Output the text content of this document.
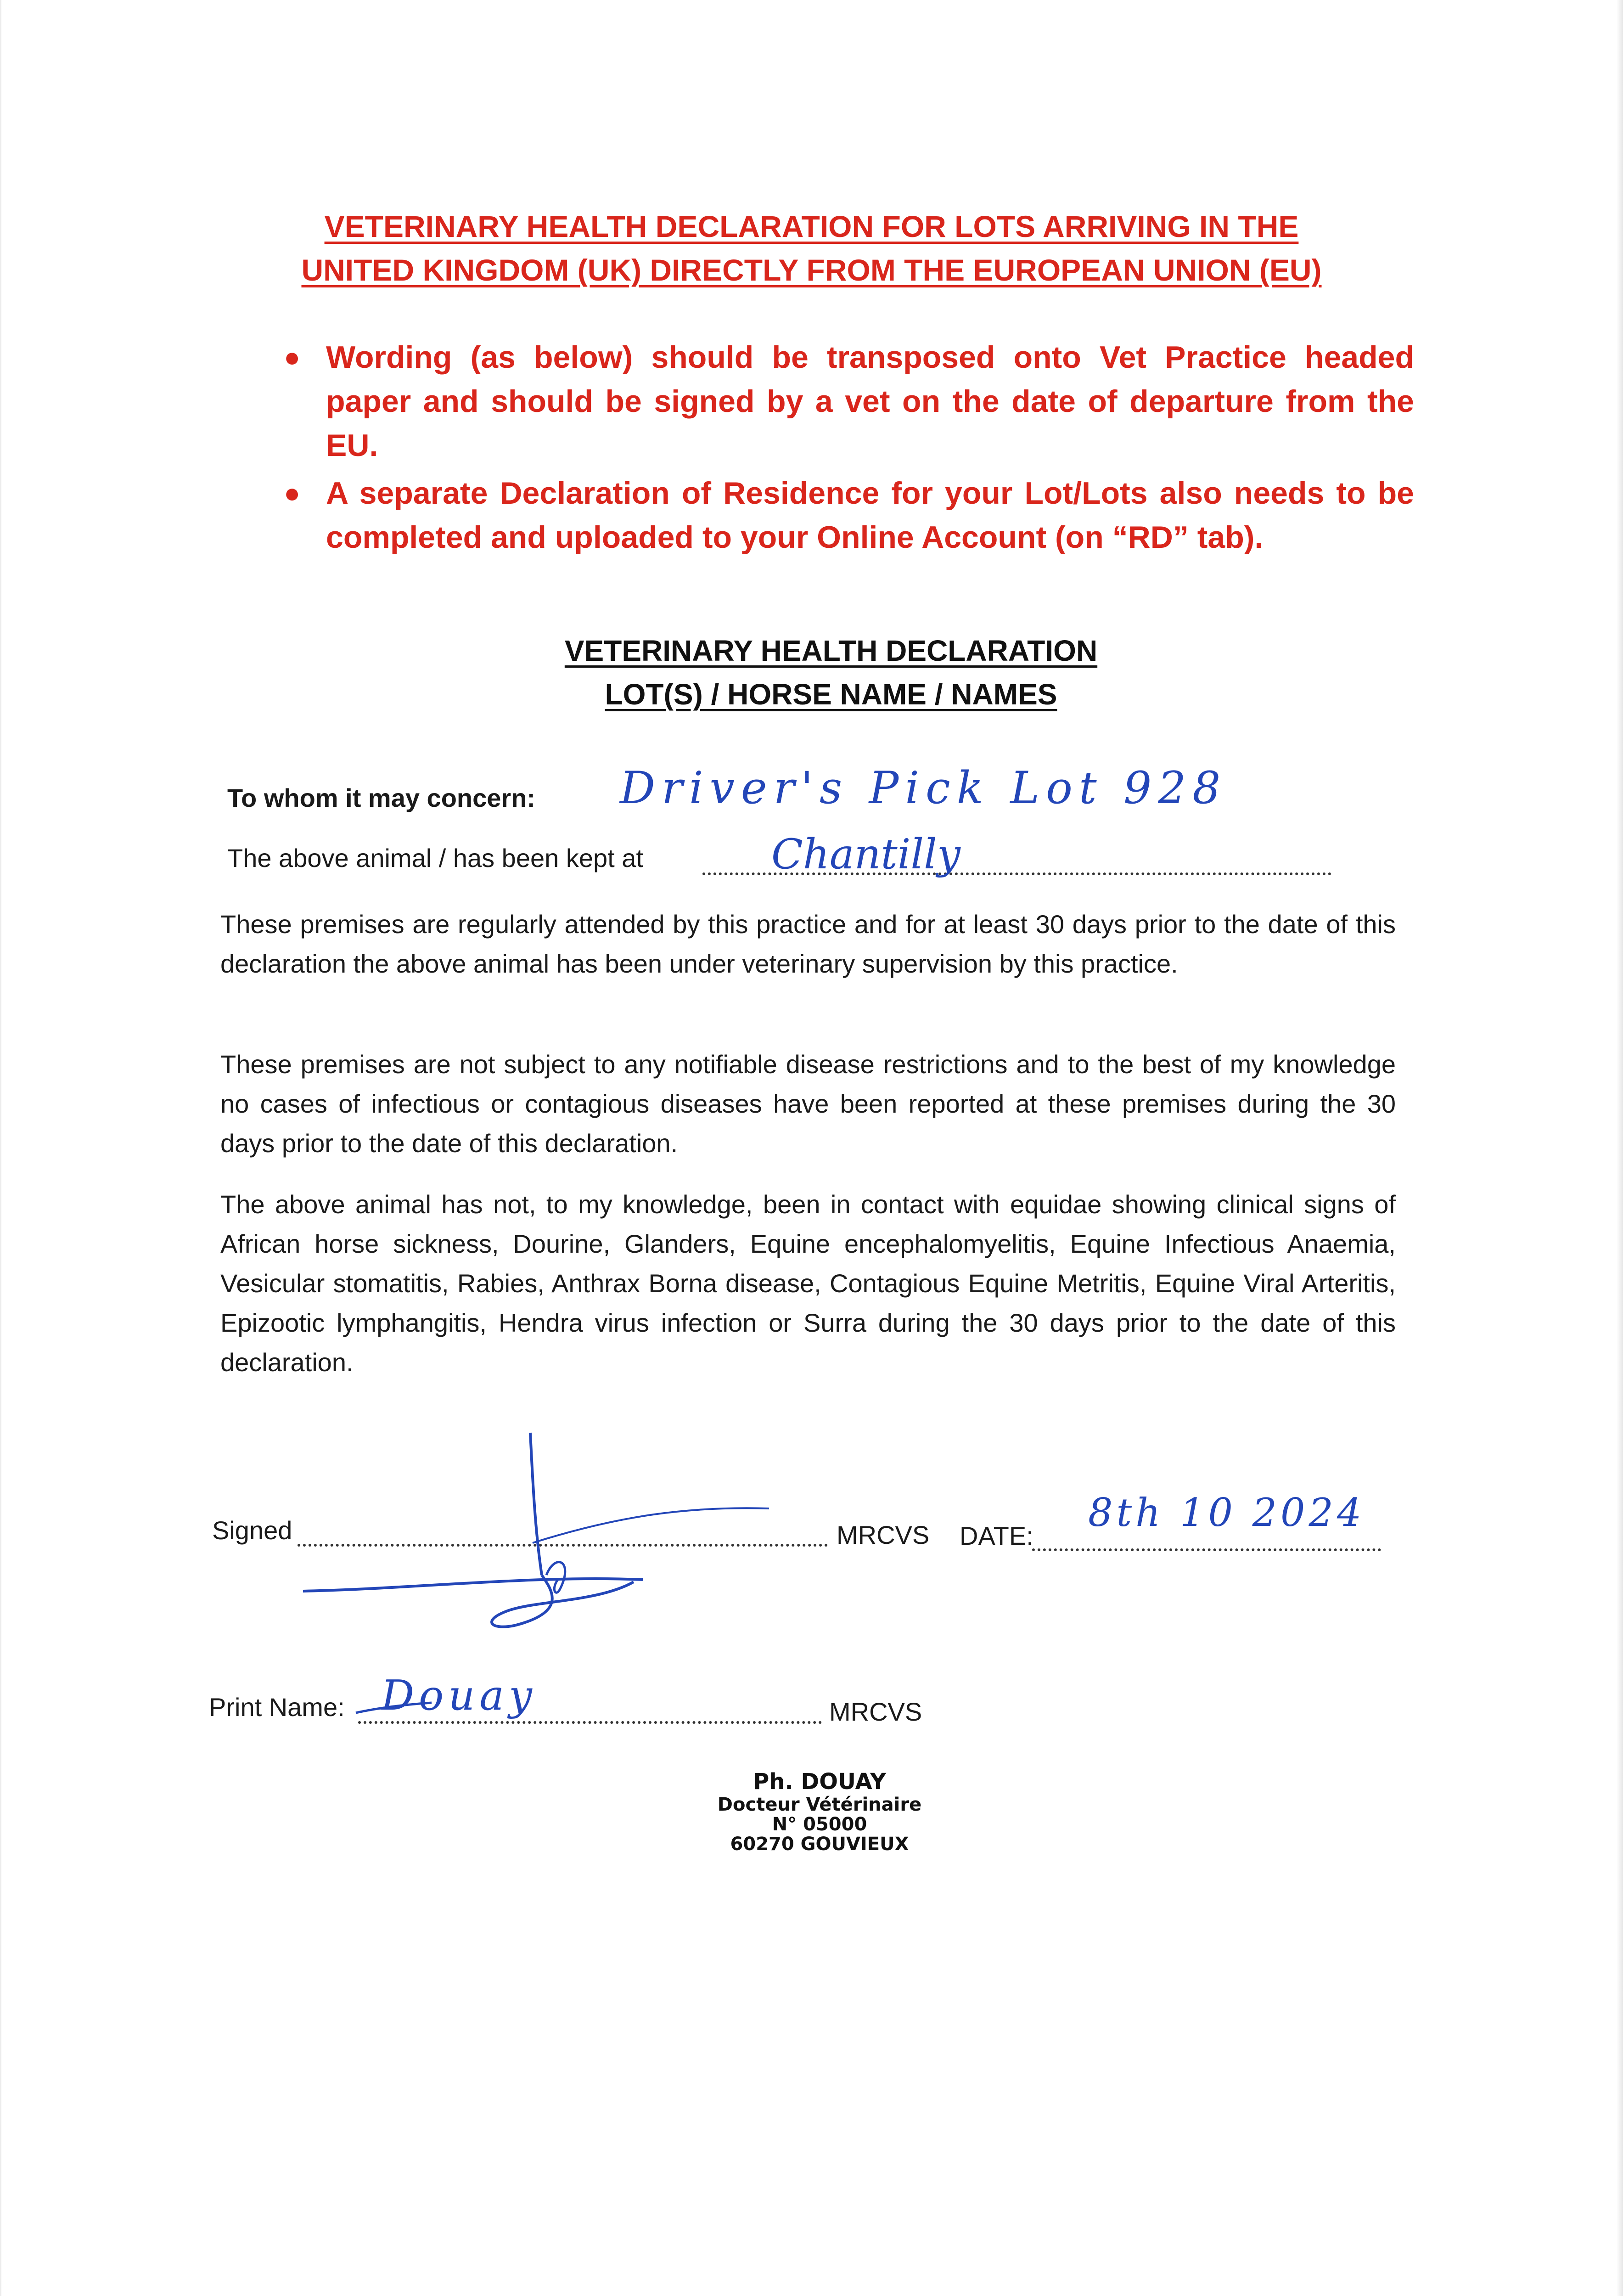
VETERINARY HEALTH DECLARATION FOR LOTS ARRIVING IN THE
UNITED KINGDOM (UK) DIRECTLY FROM THE EUROPEAN UNION (EU)
● Wording (as below) should be transposed onto Vet Practice headed paper and should be signed by a vet on the date of departure from the EU.
● A separate Declaration of Residence for your Lot/Lots also needs to be completed and uploaded to your Online Account (on “RD” tab).
VETERINARY HEALTH DECLARATION
LOT(S) / HORSE NAME / NAMES
To whom it may concern: Driver's Pick Lot 928
The above animal / has been kept at	Chantilly
These premises are regularly attended by this practice and for at least 30 days prior to the date of this declaration the above animal has been under veterinary supervision by this practice.
These premises are not subject to any notifiable disease restrictions and to the best of my knowledge no cases of infectious or contagious diseases have been reported at these premises during the 30 days prior to the date of this declaration.
The above animal has not, to my knowledge, been in contact with equidae showing clinical signs of African horse sickness, Dourine, Glanders, Equine encephalomyelitis, Equine Infectious Anaemia, Vesicular stomatitis, Rabies, Anthrax Borna disease, Contagious Equine Metritis, Equine Viral Arteritis, Epizootic lymphangitis, Hendra virus infection or Surra during the 30 days prior to the date of this declaration.
Signed	MRCVS DATE:
8th 10 2024
Print Name:	MRCVS
Douay
Ph. DOUAY
Docteur Vétérinaire
N° 05000
60270 GOUVIEUX
